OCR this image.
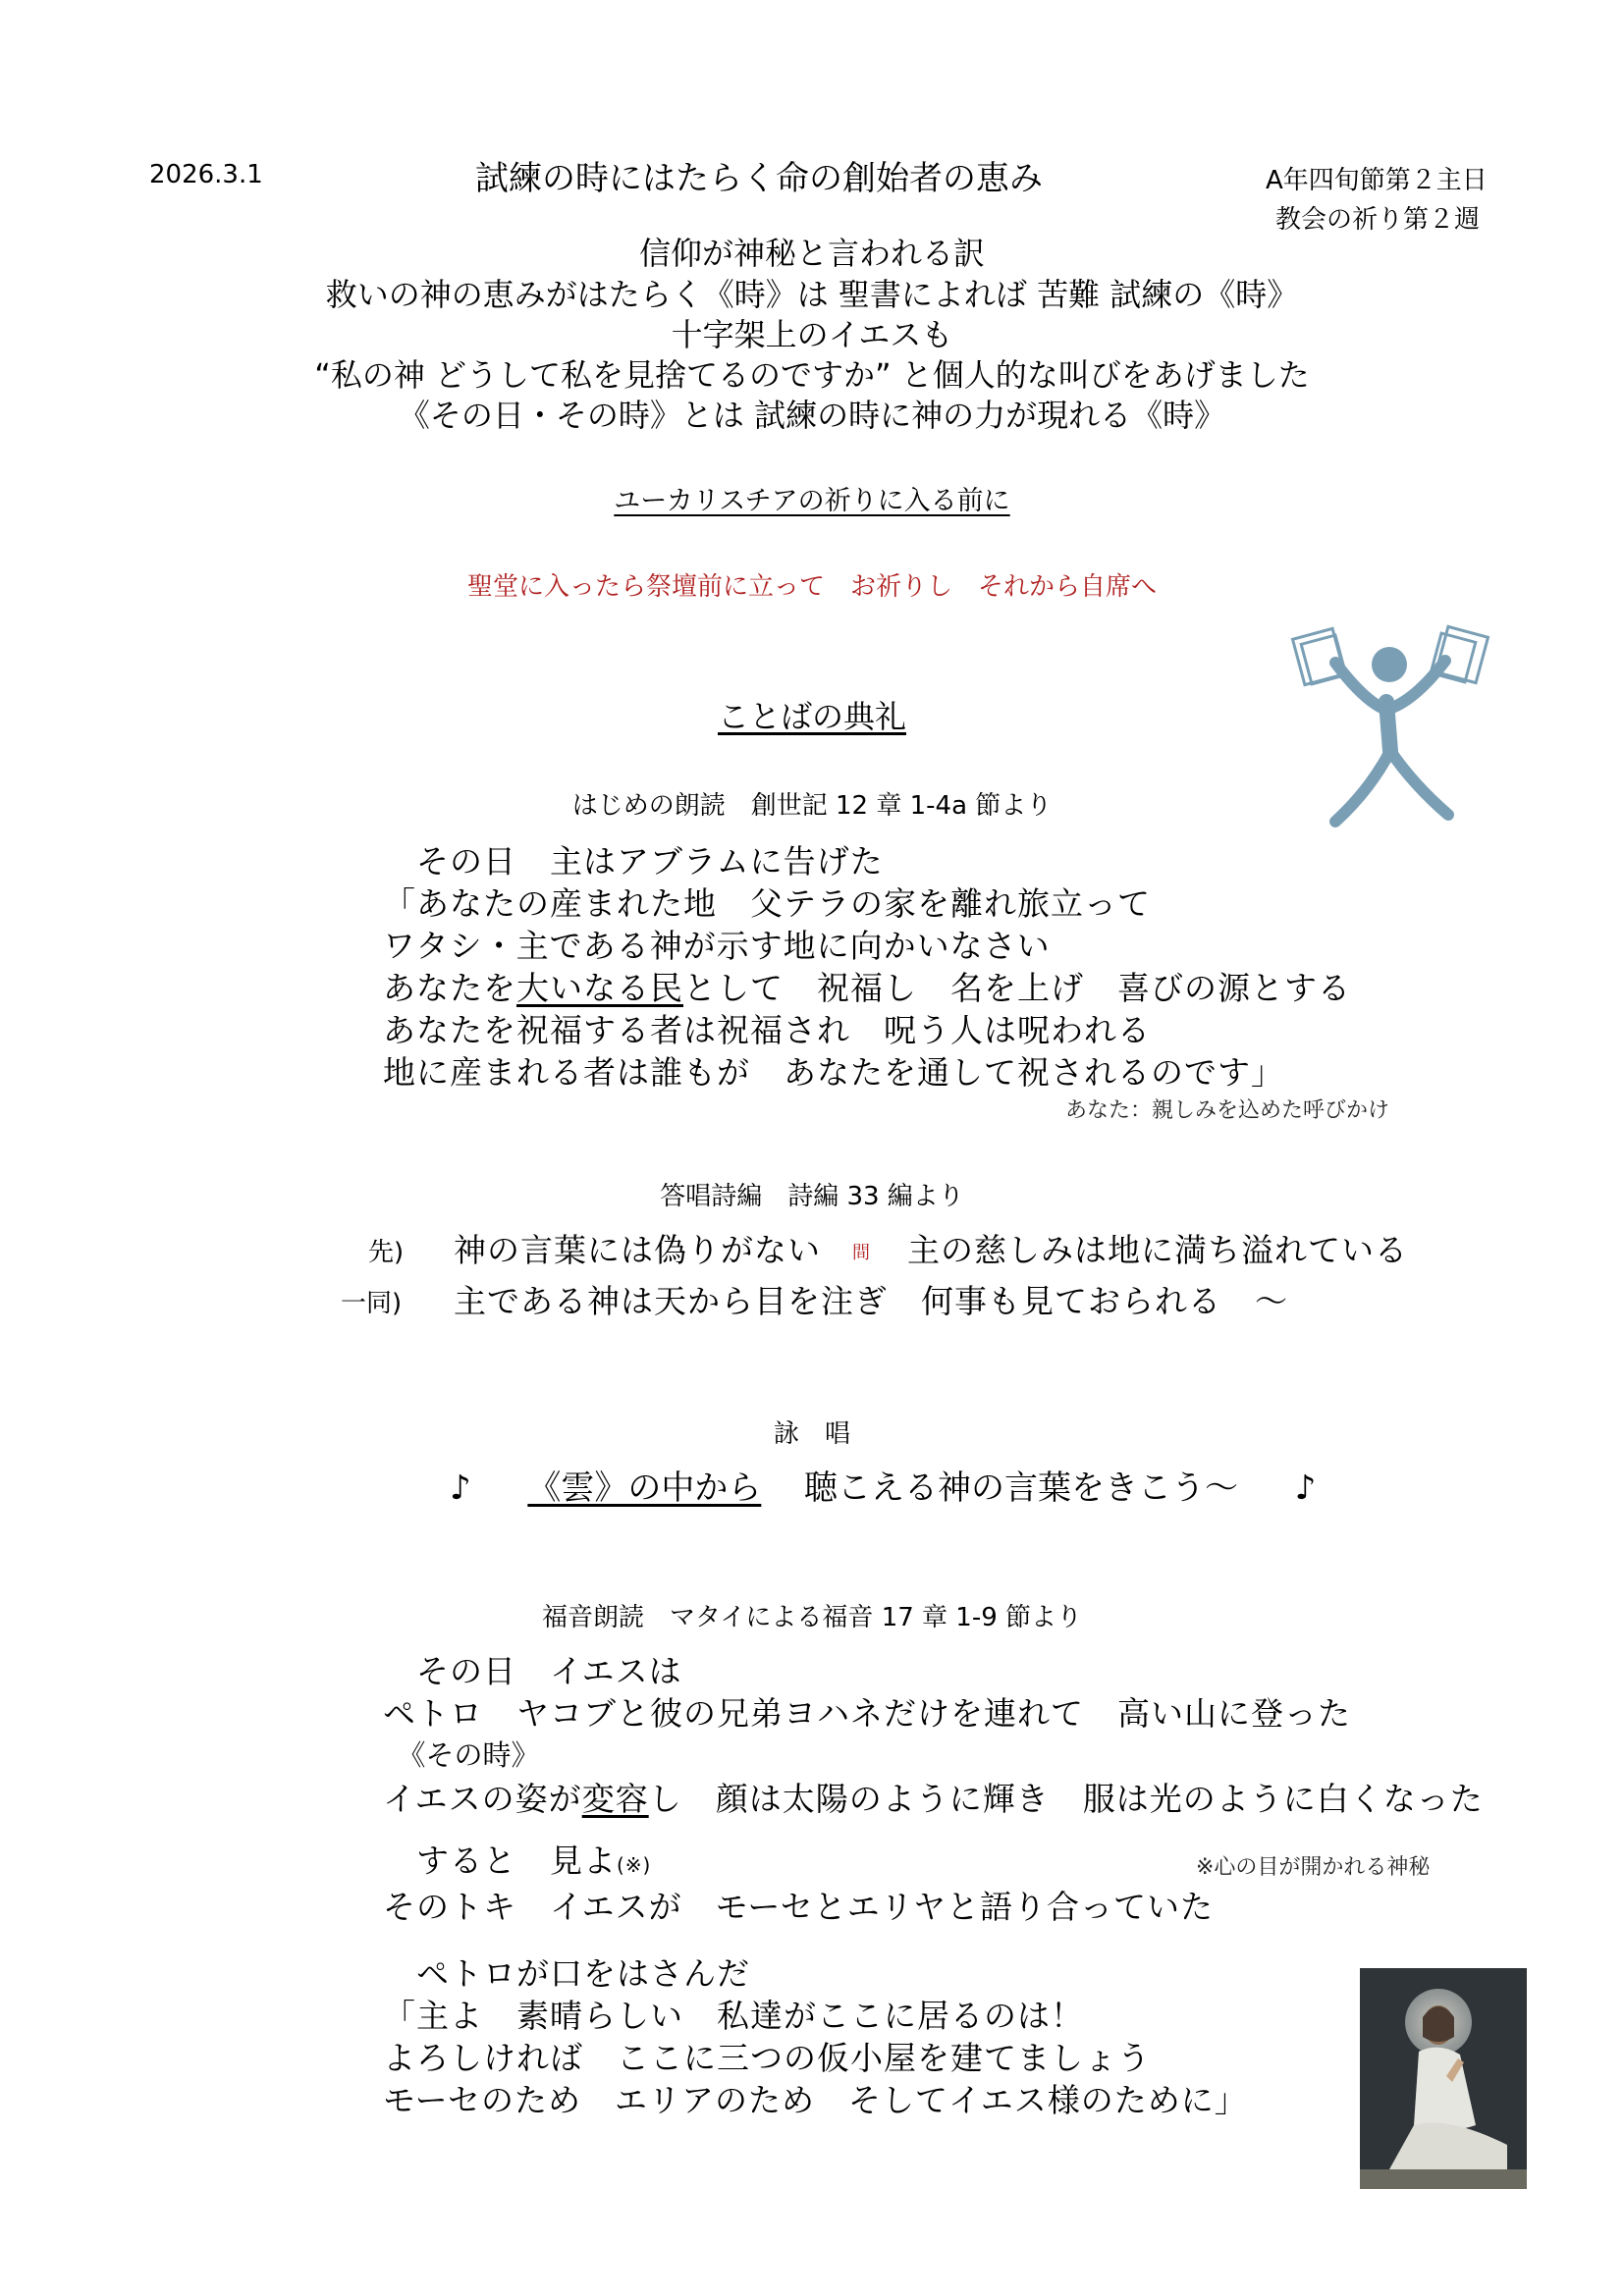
2026.3.1	試練の時にはたらく命の創始者の恵み	A年四旬節第２主日
教会の祈り第２週
信仰が神秘と言われる訳
救いの神の恵みがはたらく《時》は 聖書によれば 苦難 試練の《時》
十字架上のイエスも
“私の神 どうして私を見捨てるのですか” と個人的な叫びをあげました
《その日・その時》とは 試練の時に神の力が現れる《時》
ユーカリスチアの祈りに入る前に
聖堂に入ったら祭壇前に立って　お祈りし　それから自席へ
ことばの典礼
はじめの朗読　創世記 12 章 1-4a 節より
　その日　主はアブラムに告げた
「あなたの産まれた地　父テラの家を離れ旅立って
ワタシ・主である神が示す地に向かいなさい
あなたを大いなる民として　祝福し　名を上げ　喜びの源とする
あなたを祝福する者は祝福され　呪う人は呪われる
地に産まれる者は誰もが　あなたを通して祝されるのです」
あなた：親しみを込めた呼びかけ
答唱詩編　詩編 33 編より
先) 神の言葉には偽りがない 間 主の慈しみは地に満ち溢れている
一同) 主である神は天から目を注ぎ　何事も見ておられる　～
詠　唱
♪ 《雲》の中から 聴こえる神の言葉をきこう～ ♪
福音朗読　マタイによる福音 17 章 1-9 節より
　その日　イエスは
ペトロ　ヤコブと彼の兄弟ヨハネだけを連れて　高い山に登った
　《その時》
イエスの姿が変容し　顔は太陽のように輝き　服は光のように白くなった
　すると　見よ(※)	※心の目が開かれる神秘
そのトキ　イエスが　モーセとエリヤと語り合っていた
　ペトロが口をはさんだ
「主よ　素晴らしい　私達がここに居るのは！
よろしければ　ここに三つの仮小屋を建てましょう
モーセのため　エリアのため　そしてイエス様のために」
